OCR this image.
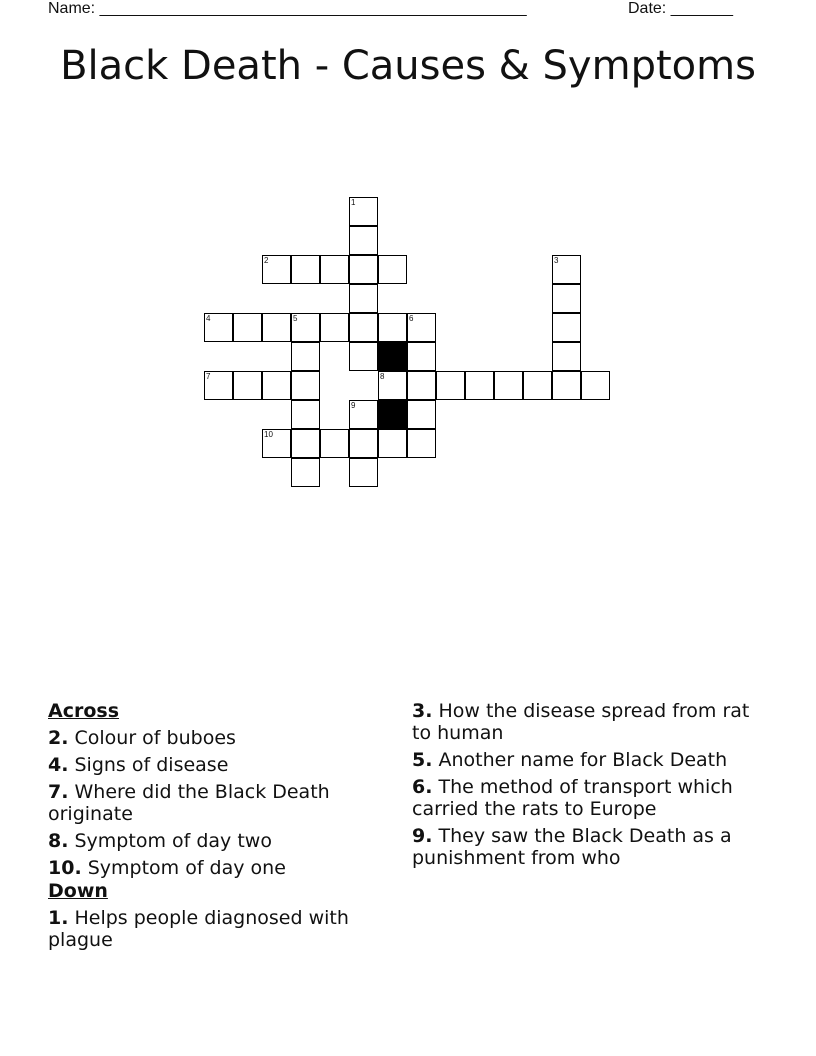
Name: ________________________________________________	Date: _______
Black Death - Causes & Symptoms
1
2	3
4	5	6
7	8
9
10
Across
2. Colour of buboes
4. Signs of disease
7. Where did the Black Death originate
8. Symptom of day two
10. Symptom of day one
Down
1. Helps people diagnosed with plague
3. How the disease spread from rat to human
5. Another name for Black Death
6. The method of transport which carried the rats to Europe
9. They saw the Black Death as a punishment from who
